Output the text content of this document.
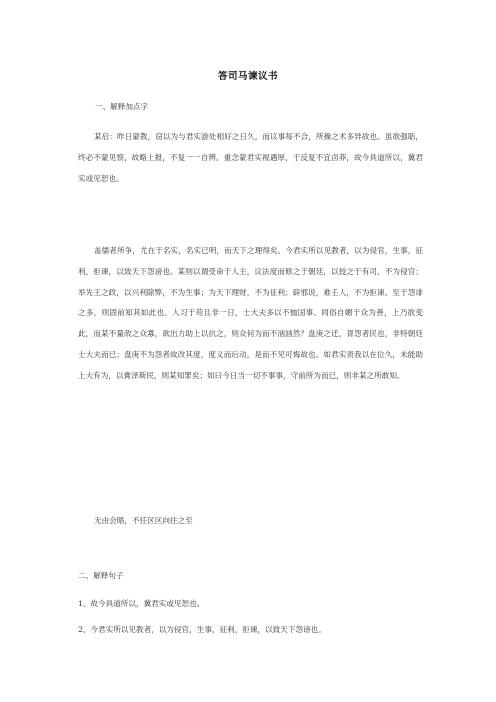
答司马谏议书
一、解释加点字

某启：昨日蒙教，窃以为与君实游处相好之日久，而议事每不合，所操之术多异故也。虽欲强聒，终必不蒙见察，故略上报，不复一一自辨。重念蒙君实视遇厚，于反复不宜卤莽，故今具道所以，冀君实或见恕也。

盖儒者所争，尤在于名实，名实已明，而天下之理得矣。今君实所以见教者，以为侵官，生事，征利，拒谏，以致天下怨谤也。某则以谓受命于人主，议法度而修之于朝廷，以授之于有司，不为侵官；举先王之政，以兴利除弊，不为生事；为天下理财，不为征利；辟邪说，难壬人，不为拒谏。至于怨诽之多，则固前知其如此也。人习于苟且非一日，士大夫多以不恤国事、同俗自媚于众为善，上乃欲变此，而某不量敌之众寡，欲出力助上以抗之，则众何为而不汹汹然？盘庚之迁，胥怨者民也，非特朝廷士大夫而已；盘庚不为怨者故改其度，度义而后动，是而不见可悔故也。如君实责我以在位久，未能助上大有为，以膏泽斯民，则某知罪矣；如曰今日当一切不事事，守前所为而已，则非某之所敢知。

无由会晤，不任区区向往之至

二、解释句子
1、故今具道所以，冀君实或见恕也。
2、今君实所以见教者，以为侵官，生事，征利，拒谏，以致天下怨谤也。
